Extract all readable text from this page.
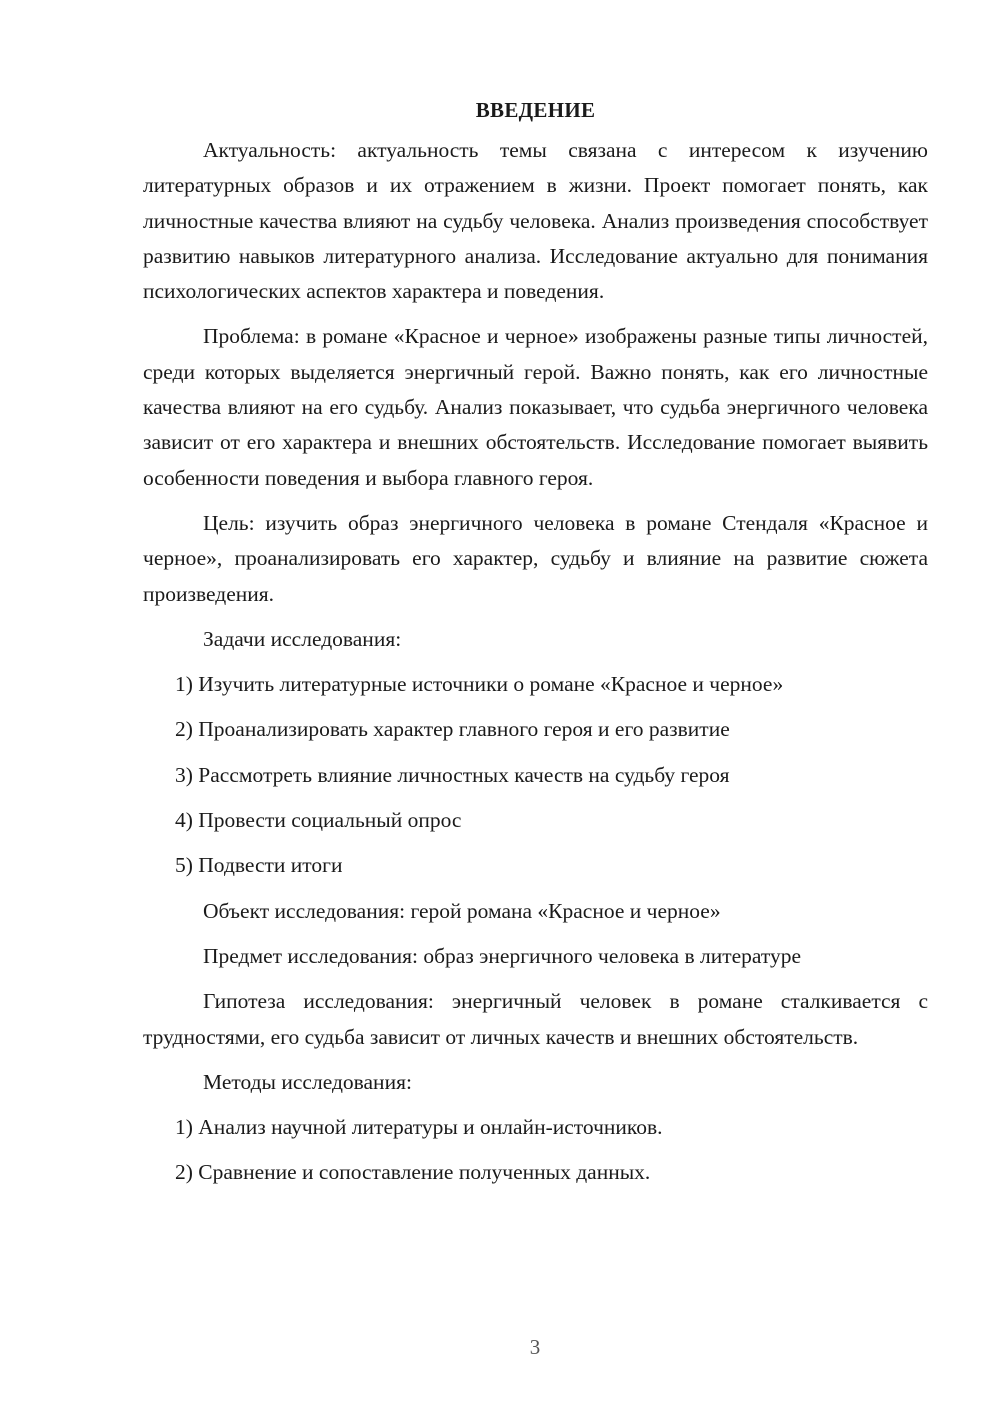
ВВЕДЕНИЕ

Актуальность: актуальность темы связана с интересом к изучению литературных образов и их отражением в жизни. Проект помогает понять, как личностные качества влияют на судьбу человека. Анализ произведения способствует развитию навыков литературного анализа. Исследование актуально для понимания психологических аспектов характера и поведения.

Проблема: в романе «Красное и черное» изображены разные типы личностей, среди которых выделяется энергичный герой. Важно понять, как его личностные качества влияют на его судьбу. Анализ показывает, что судьба энергичного человека зависит от его характера и внешних обстоятельств. Исследование помогает выявить особенности поведения и выбора главного героя.

Цель: изучить образ энергичного человека в романе Стендаля «Красное и черное», проанализировать его характер, судьбу и влияние на развитие сюжета произведения.

Задачи исследования:

1) Изучить литературные источники о романе «Красное и черное»

2) Проанализировать характер главного героя и его развитие

3) Рассмотреть влияние личностных качеств на судьбу героя

4) Провести социальный опрос

5) Подвести итоги

Объект исследования: герой романа «Красное и черное»

Предмет исследования: образ энергичного человека в литературе

Гипотеза исследования: энергичный человек в романе сталкивается с трудностями, его судьба зависит от личных качеств и внешних обстоятельств.

Методы исследования:

1) Анализ научной литературы и онлайн-источников.

2) Сравнение и сопоставление полученных данных.

3
